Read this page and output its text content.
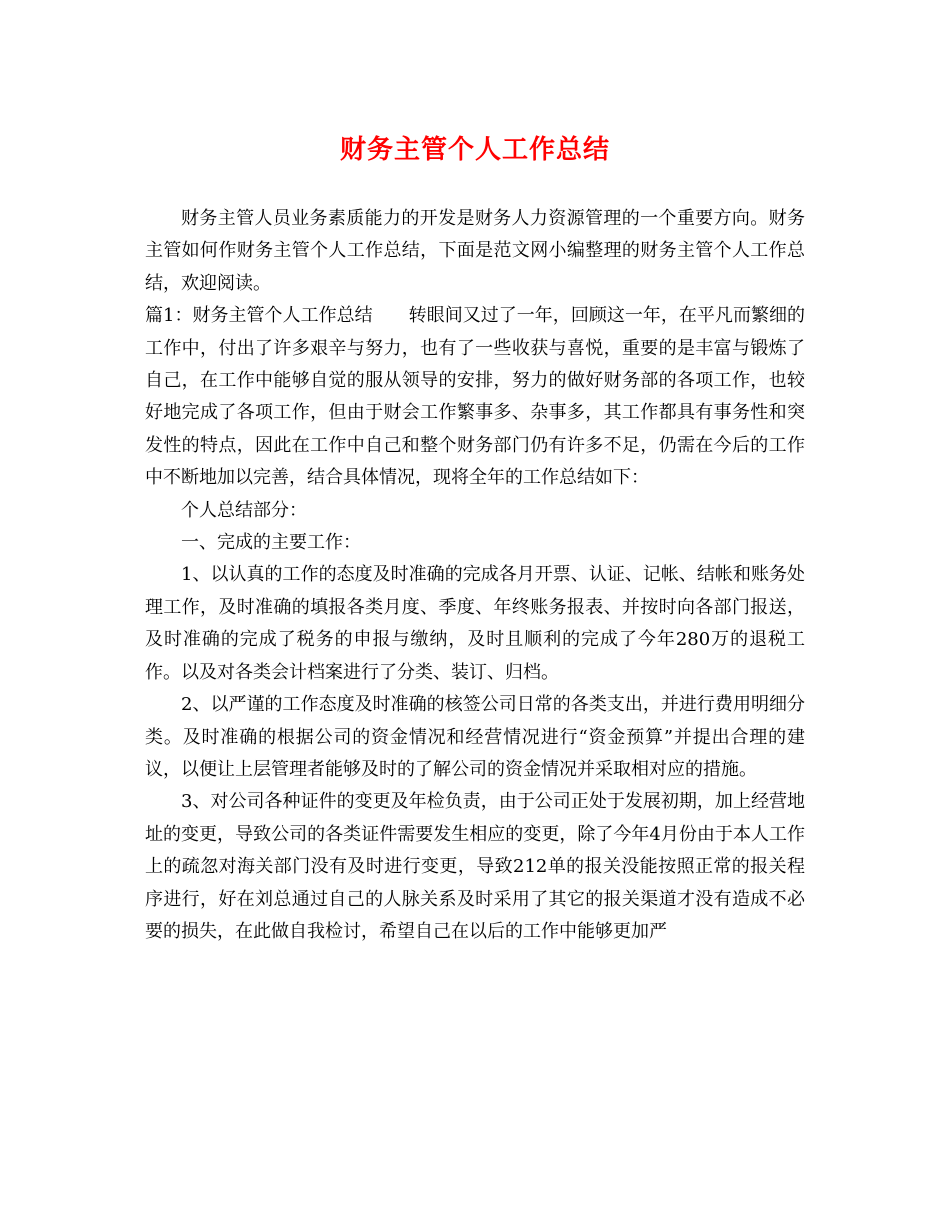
财务主管个人工作总结

财务主管人员业务素质能力的开发是财务人力资源管理的一个重要方向。财务主管如何作财务主管个人工作总结，下面是范文网小编整理的财务主管个人工作总结，欢迎阅读。

篇1：财务主管个人工作总结　　转眼间又过了一年，回顾这一年，在平凡而繁细的工作中，付出了许多艰辛与努力，也有了一些收获与喜悦，重要的是丰富与锻炼了自己，在工作中能够自觉的服从领导的安排，努力的做好财务部的各项工作，也较好地完成了各项工作，但由于财会工作繁事多、杂事多，其工作都具有事务性和突发性的特点，因此在工作中自己和整个财务部门仍有许多不足，仍需在今后的工作中不断地加以完善，结合具体情况，现将全年的工作总结如下：

个人总结部分：

一、完成的主要工作：

1、以认真的工作的态度及时准确的完成各月开票、认证、记帐、结帐和账务处理工作，及时准确的填报各类月度、季度、年终账务报表、并按时向各部门报送，及时准确的完成了税务的申报与缴纳，及时且顺利的完成了今年280万的退税工作。以及对各类会计档案进行了分类、装订、归档。

2、以严谨的工作态度及时准确的核签公司日常的各类支出，并进行费用明细分类。及时准确的根据公司的资金情况和经营情况进行“资金预算”并提出合理的建议，以便让上层管理者能够及时的了解公司的资金情况并采取相对应的措施。

3、对公司各种证件的变更及年检负责，由于公司正处于发展初期，加上经营地址的变更，导致公司的各类证件需要发生相应的变更，除了今年4月份由于本人工作上的疏忽对海关部门没有及时进行变更，导致212单的报关没能按照正常的报关程序进行，好在刘总通过自己的人脉关系及时采用了其它的报关渠道才没有造成不必要的损失，在此做自我检讨，希望自己在以后的工作中能够更加严
